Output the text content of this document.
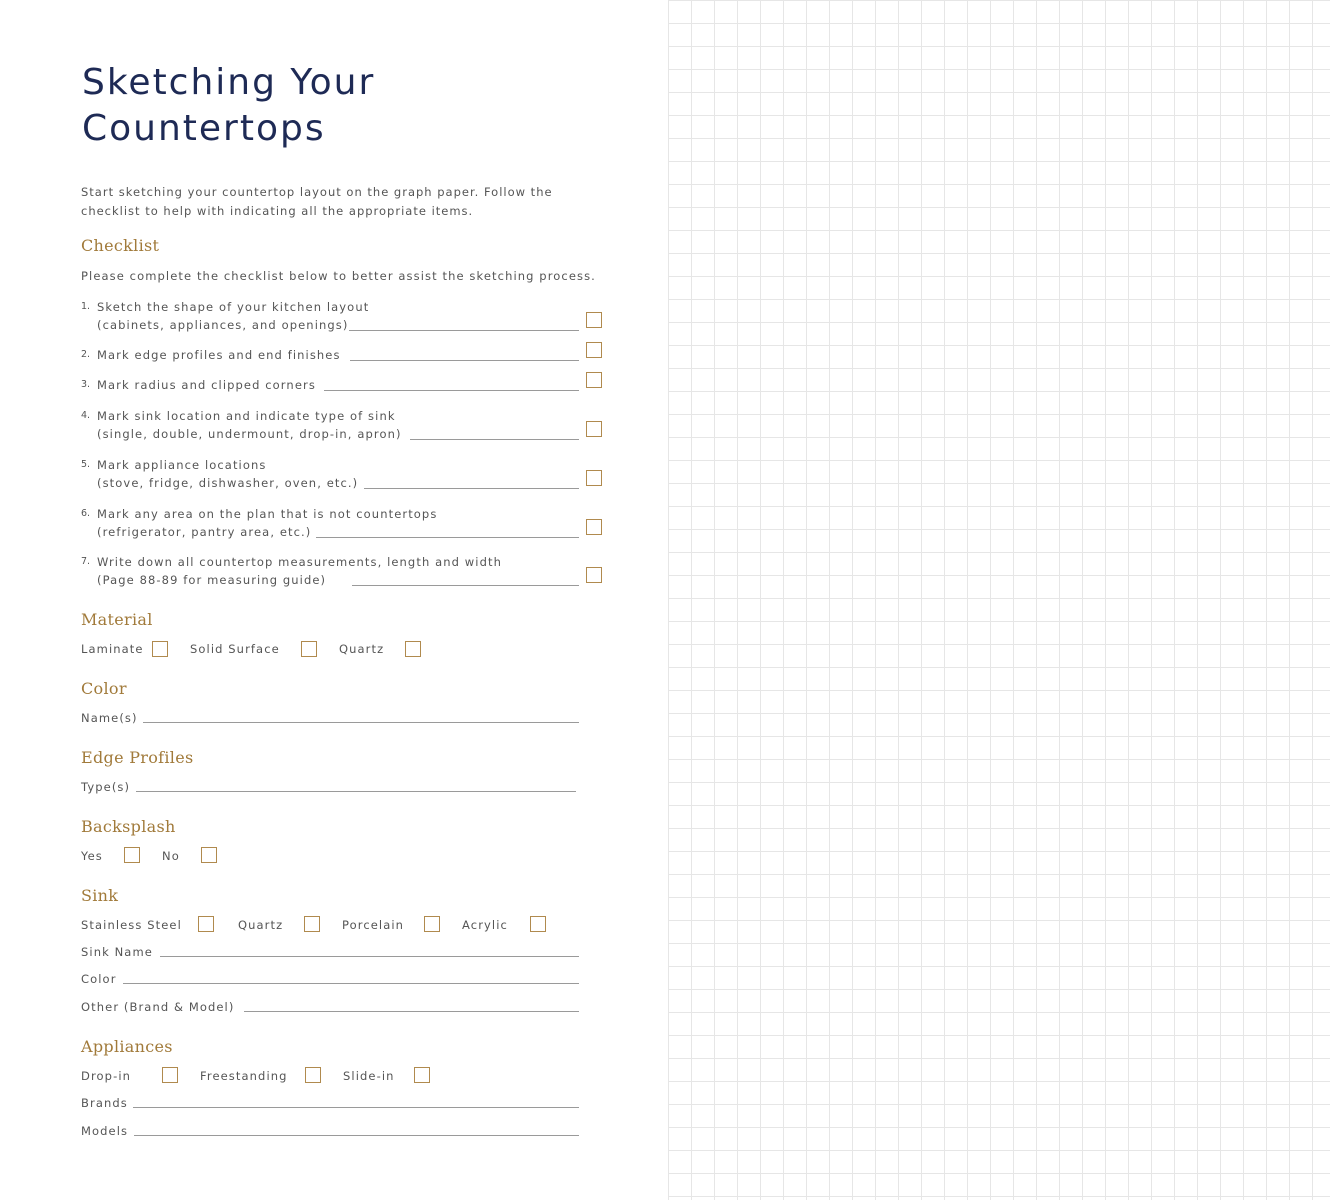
Sketching Your
Countertops

Start sketching your countertop layout on the graph paper. Follow the
checklist to help with indicating all the appropriate items.

Checklist
Please complete the checklist below to better assist the sketching process.
1. Sketch the shape of your kitchen layout
(cabinets, appliances, and openings)
2. Mark edge profiles and end finishes
3. Mark radius and clipped corners
4. Mark sink location and indicate type of sink
(single, double, undermount, drop-in, apron)
5. Mark appliance locations
(stove, fridge, dishwasher, oven, etc.)
6. Mark any area on the plan that is not countertops
(refrigerator, pantry area, etc.)
7. Write down all countertop measurements, length and width
(Page 88-89 for measuring guide)
Material
Laminate	Solid Surface	Quartz
Color
Name(s)
Edge Profiles
Type(s)
Backsplash
Yes	No
Sink
Stainless Steel	Quartz	Porcelain	Acrylic
Sink Name
Color
Other (Brand & Model)
Appliances
Drop-in	Freestanding	Slide-in
Brands
Models
